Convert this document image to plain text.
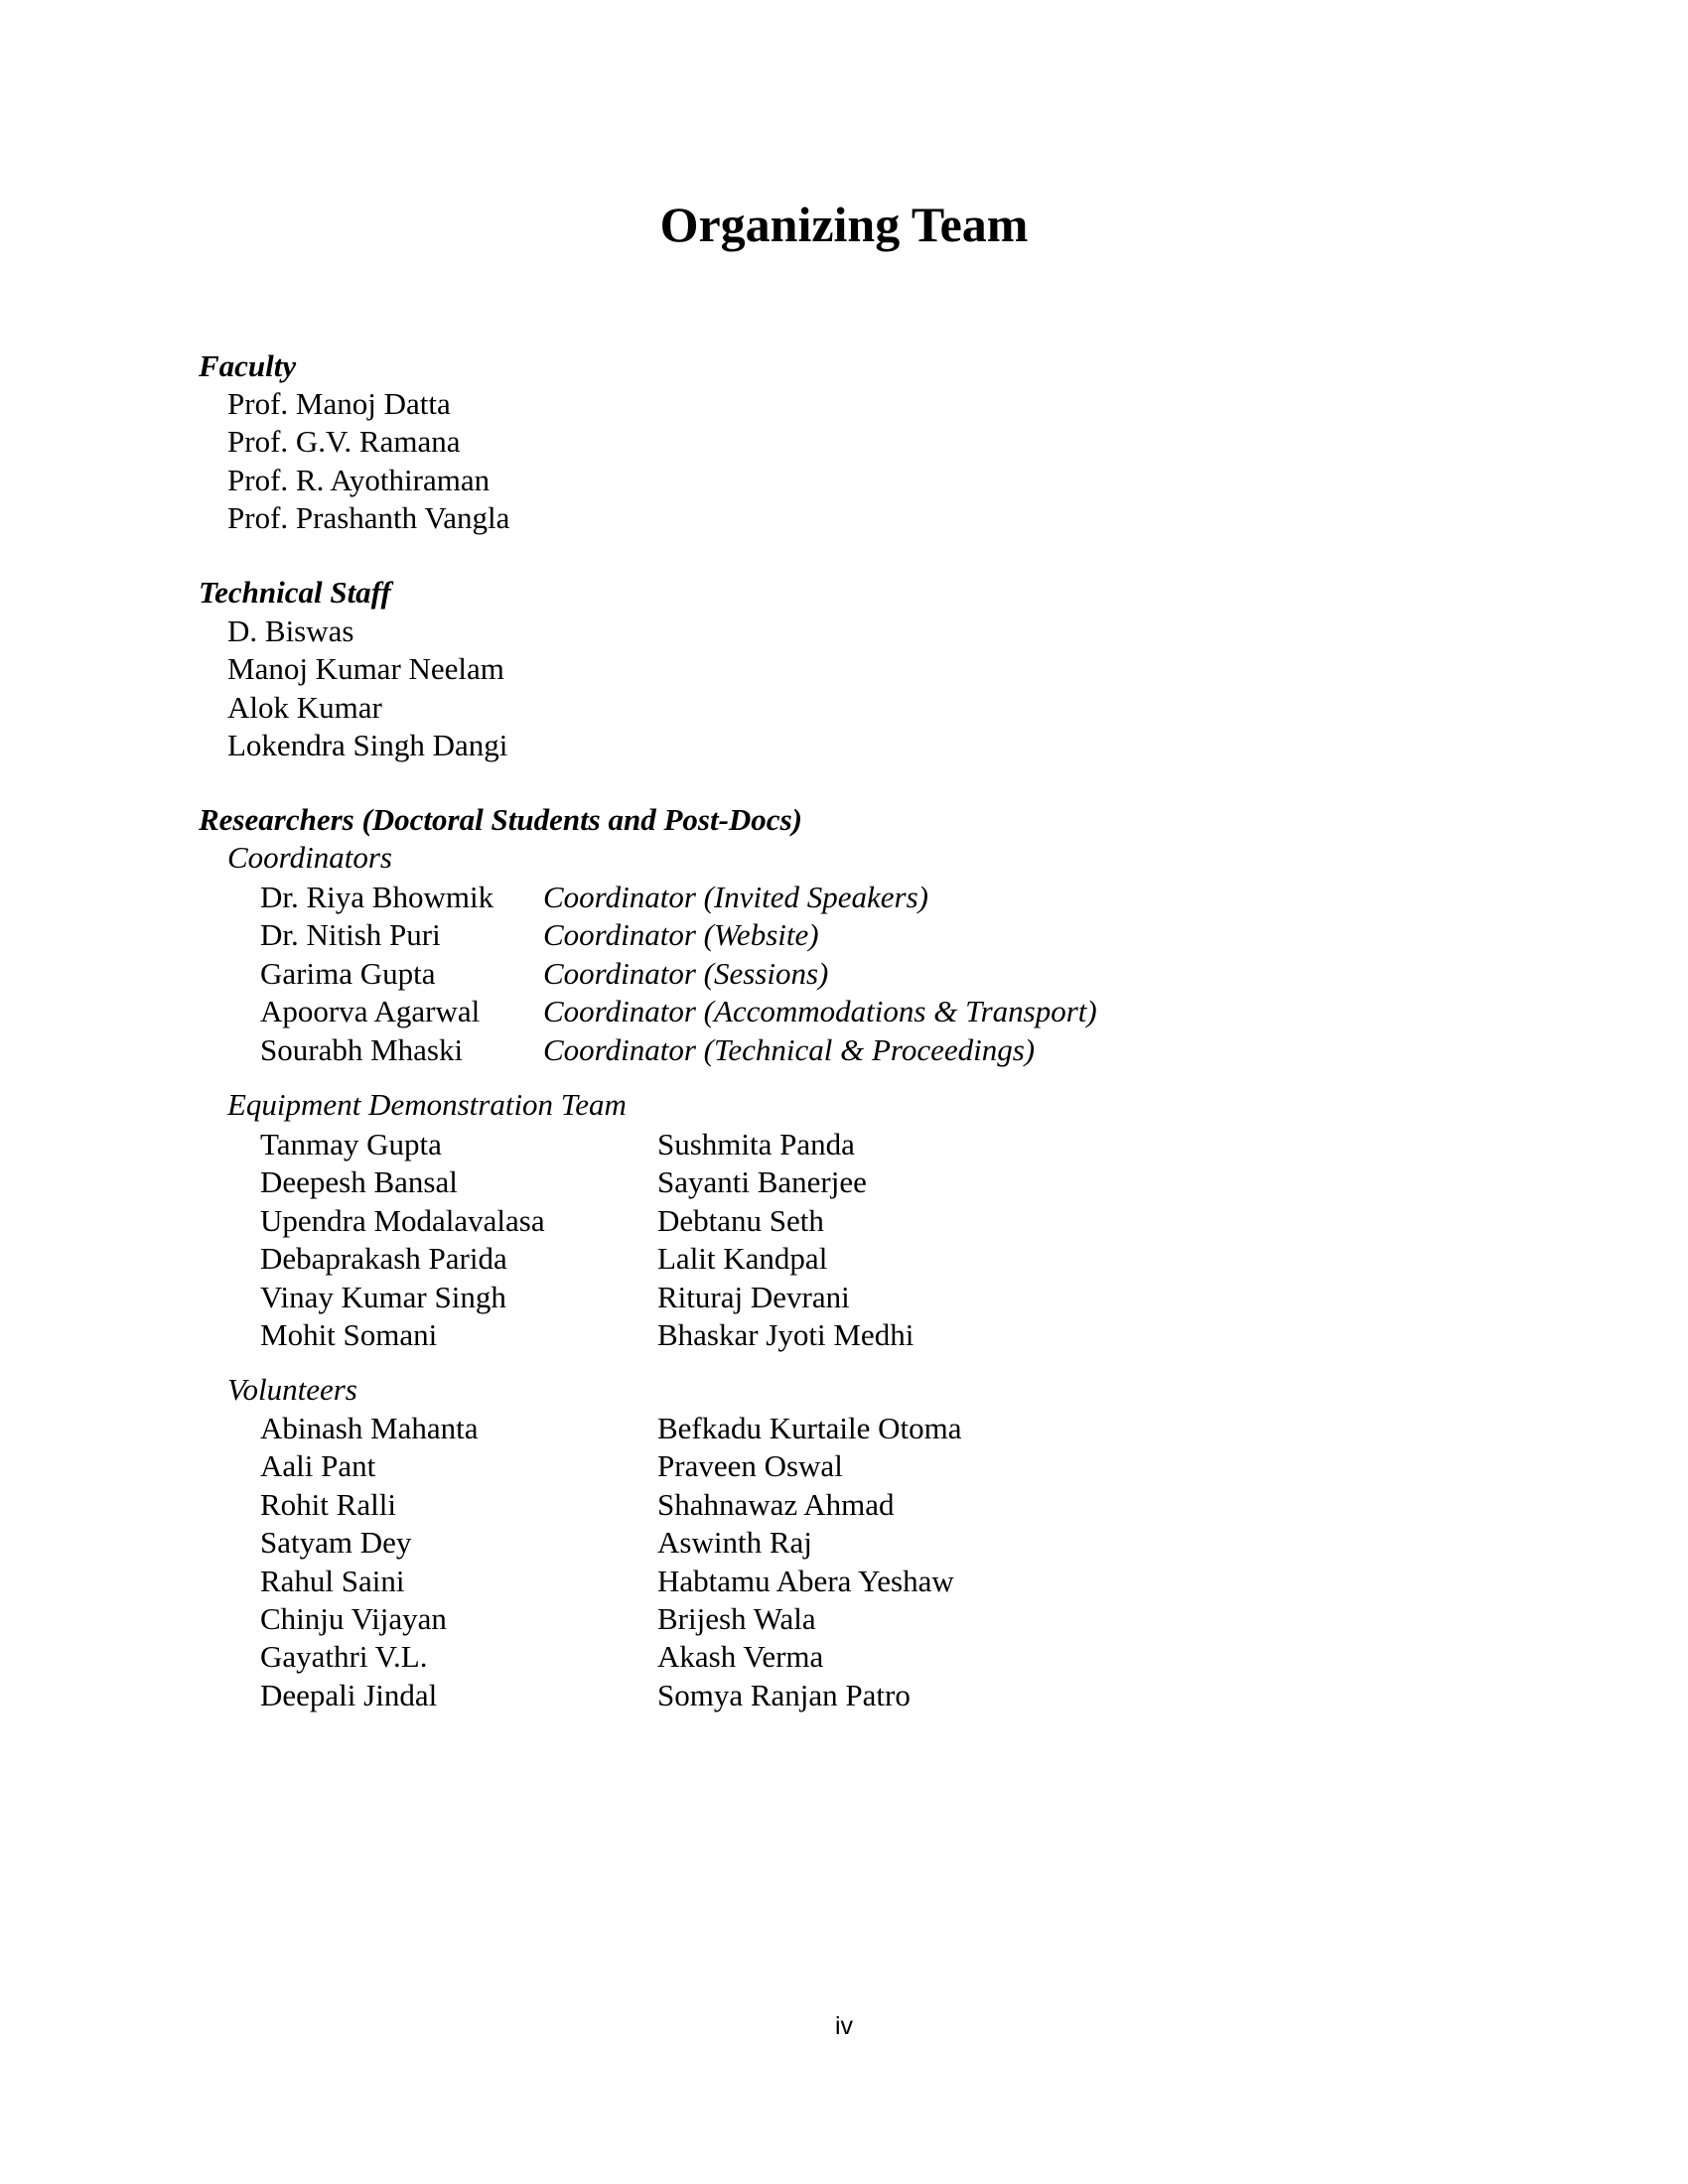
Organizing Team
Faculty
Prof. Manoj Datta
Prof. G.V. Ramana
Prof. R. Ayothiraman
Prof. Prashanth Vangla
Technical Staff
D. Biswas
Manoj Kumar Neelam
Alok Kumar
Lokendra Singh Dangi
Researchers (Doctoral Students and Post-Docs)
Coordinators
Dr. Riya Bhowmik
Dr. Nitish Puri
Garima Gupta
Apoorva Agarwal
Sourabh Mhaski
Coordinator (Invited Speakers)
Coordinator (Website)
Coordinator (Sessions)
Coordinator (Accommodations & Transport)
Coordinator (Technical & Proceedings)
Equipment Demonstration Team
Tanmay Gupta
Deepesh Bansal
Upendra Modalavalasa
Debaprakash Parida
Vinay Kumar Singh
Mohit Somani
Sushmita Panda
Sayanti Banerjee
Debtanu Seth
Lalit Kandpal
Rituraj Devrani
Bhaskar Jyoti Medhi
Volunteers
Abinash Mahanta
Aali Pant
Rohit Ralli
Satyam Dey
Rahul Saini
Chinju Vijayan
Gayathri V.L.
Deepali Jindal
Befkadu Kurtaile Otoma
Praveen Oswal
Shahnawaz Ahmad
Aswinth Raj
Habtamu Abera Yeshaw
Brijesh Wala
Akash Verma
Somya Ranjan Patro
iv
